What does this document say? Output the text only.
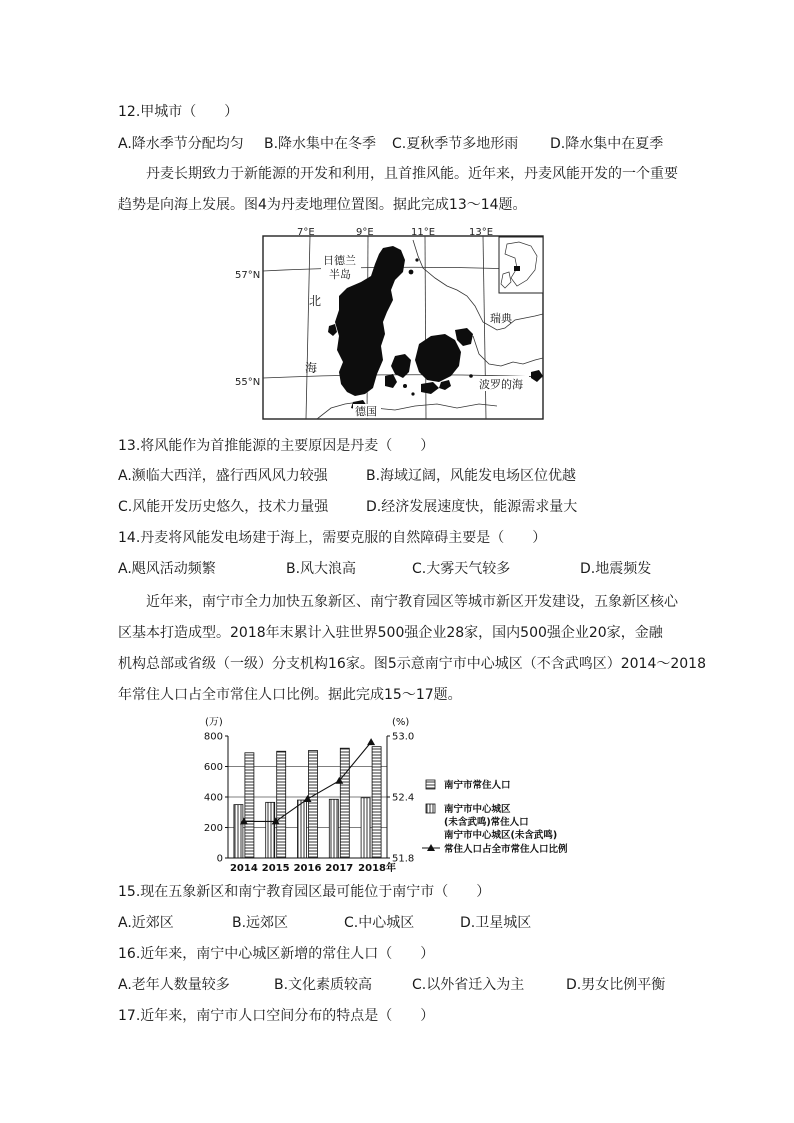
12.甲城市（　　）
A.降水季节分配均匀 B.降水集中在冬季 C.夏秋季节多地形雨 D.降水集中在夏季
丹麦长期致力于新能源的开发和利用，且首推风能。近年来，丹麦风能开发的一个重要
趋势是向海上发展。图4为丹麦地理位置图。据此完成13～14题。
7°E	9°E	11°E	13°E
57°N
55°N
日德兰
半岛
北
海
瑞典
波罗的海
德国
13.将风能作为首推能源的主要原因是丹麦（　　）
A.濒临大西洋，盛行西风风力较强	B.海域辽阔，风能发电场区位优越
C.风能开发历史悠久，技术力量强	D.经济发展速度快，能源需求量大
14.丹麦将风能发电场建于海上，需要克服的自然障碍主要是（　　）
A.飓风活动频繁	B.风大浪高	C.大雾天气较多	D.地震频发
近年来，南宁市全力加快五象新区、南宁教育园区等城市新区开发建设，五象新区核心
区基本打造成型。2018年末累计入驻世界500强企业28家，国内500强企业20家，金融
机构总部或省级（一级）分支机构16家。图5示意南宁市中心城区（不含武鸣区）2014～2018
年常住人口占全市常住人口比例。据此完成15～17题。
(万)	(%)
0
200
400
600
800
51.8
52.4
53.0
2014 2015 2016 2017 2018年
南宁市常住人口
南宁市中心城区
(未含武鸣)常住人口
南宁市中心城区(未含武鸣)
常住人口占全市常住人口比例
15.现在五象新区和南宁教育园区最可能位于南宁市（　　）
A.近郊区	B.远郊区	C.中心城区	D.卫星城区
16.近年来，南宁中心城区新增的常住人口（　　）
A.老年人数量较多	B.文化素质较高	C.以外省迁入为主	D.男女比例平衡
17.近年来，南宁市人口空间分布的特点是（　　）
